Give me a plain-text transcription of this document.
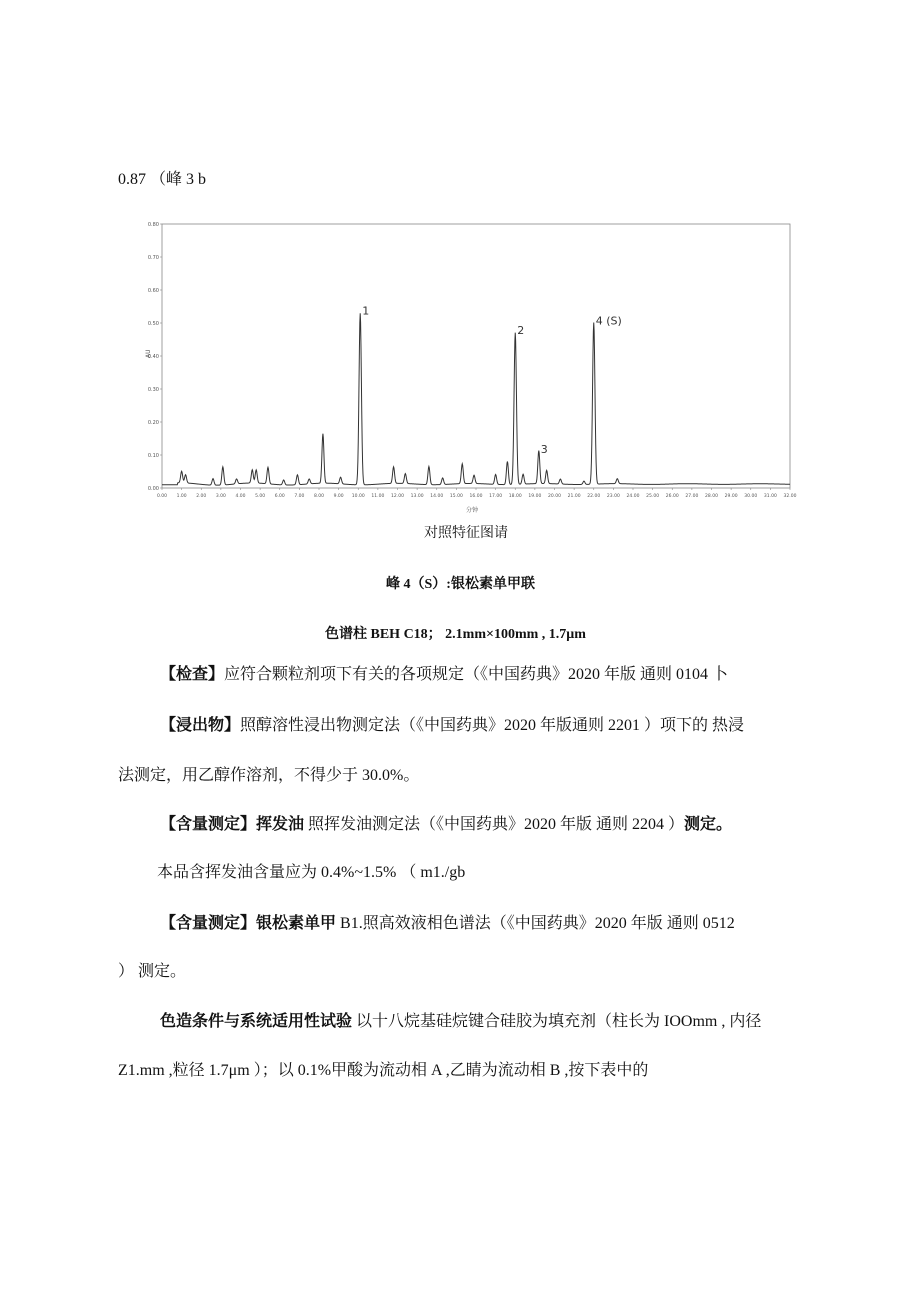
0.87 （峰 3 b
0.00
0.10
0.20
0.30
0.40
0.50
0.60
0.70
0.80
0.00 1.00 2.00 3.00 4.00 5.00 6.00 7.00 8.00 9.00 10.00 11.00 12.00 13.00 14.00 15.00 16.00 17.00 18.00 19.00 20.00 21.00 22.00 23.00 24.00 25.00 26.00 27.00 28.00 29.00 30.00 31.00 32.00
AU
分钟
1
2
3
4 (S)
对照特征图请
峰 4（S）:银松素单甲联
色谱柱 BEH C18； 2.1mm×100mm , 1.7μm
【检查】应符合颗粒剂项下有关的各项规定（《中国药典》2020 年版 通则 0104 卜
【浸出物】照醇溶性浸出物测定法（《中国药典》2020 年版通则 2201 ）项下的 热浸
法测定，用乙醇作溶剂，不得少于 30.0%。
【含量测定】挥发油 照挥发油测定法（《中国药典》2020 年版 通则 2204 ）测定。
本品含挥发油含量应为 0.4%~1.5% （ m1./gb
【含量测定】银松素单甲 B1.照高效液相色谱法（《中国药典》2020 年版 通则 0512
） 测定。
色造条件与系统适用性试验 以十八烷基硅烷键合硅胶为填充剂（柱长为 IOOmm , 内径
Z1.mm ,粒径 1.7μm ）；以 0.1%甲酸为流动相 A ,乙睛为流动相 B ,按下表中的
